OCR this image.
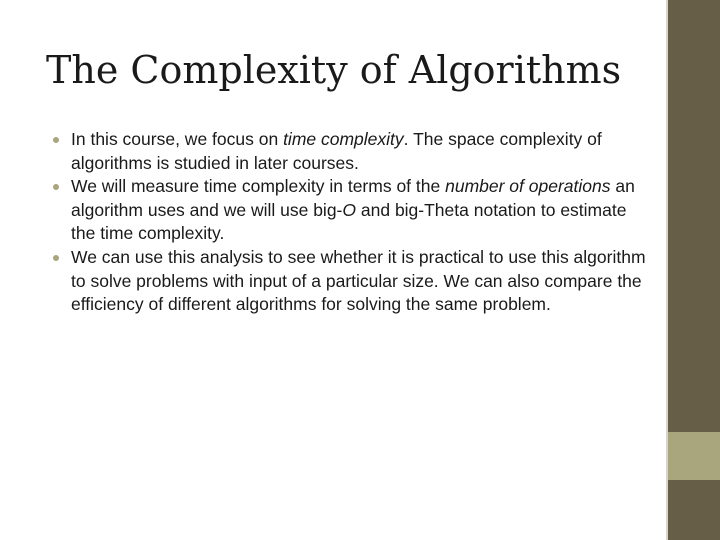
The Complexity of Algorithms
In this course, we focus on time complexity. The space complexity of algorithms is studied in later courses.
We will measure time complexity in terms of the number of operations an algorithm uses and we will use big-O and big-Theta notation to estimate the time complexity.
We can use this analysis to see whether it is practical to use this algorithm to solve problems with input of a particular size. We can also compare the efficiency of different algorithms for solving the same problem.
